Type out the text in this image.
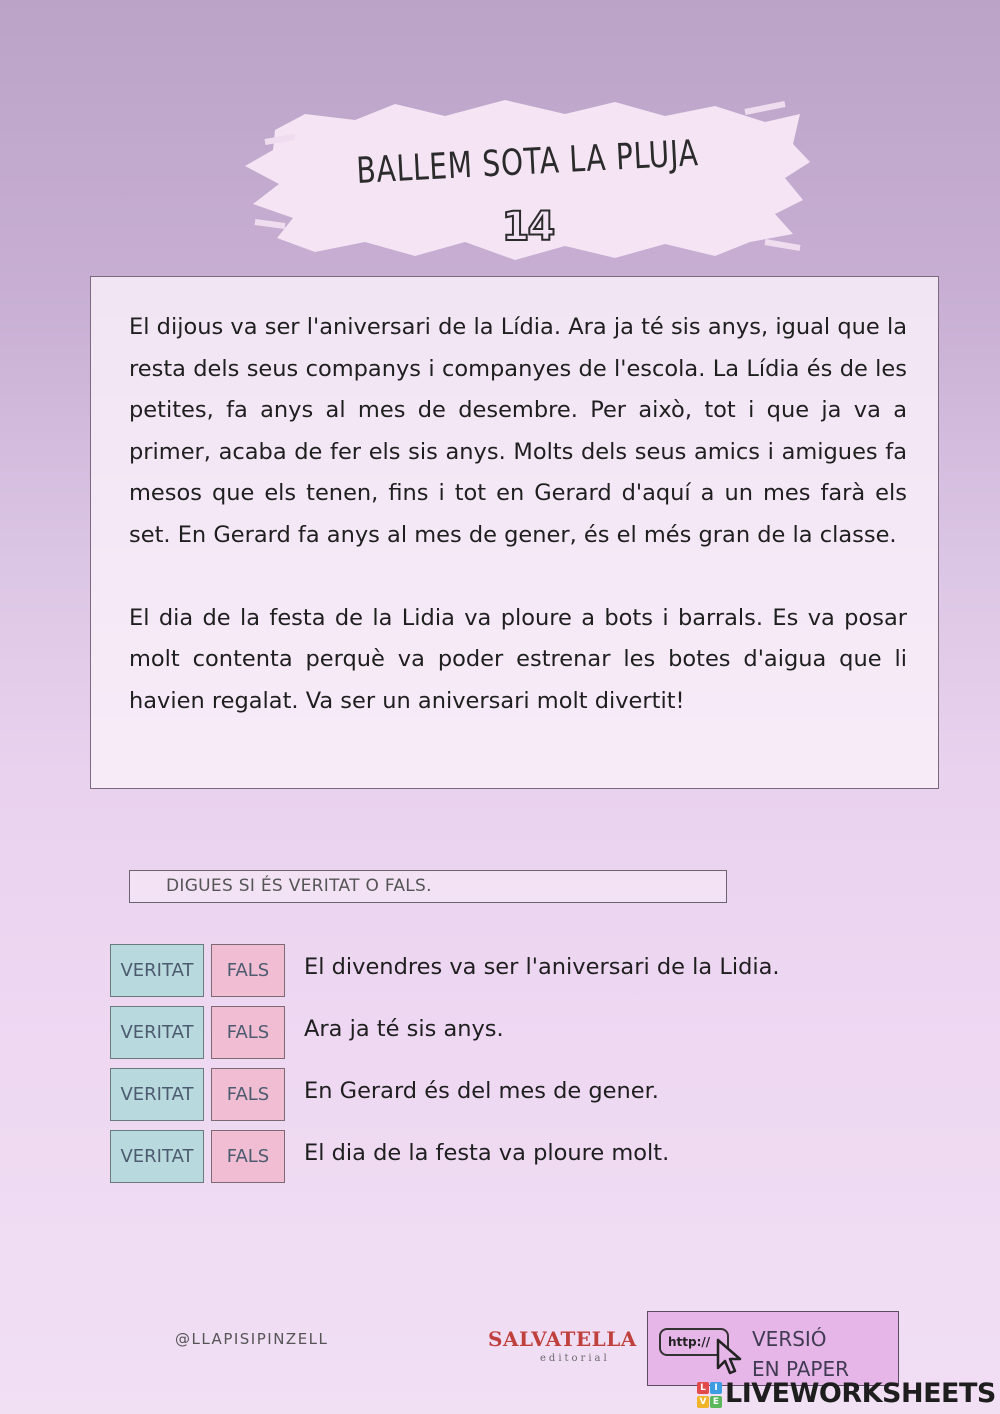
BALLEM SOTA LA PLUJA
14

El dijous va ser l'aniversari de la Lídia. Ara ja té sis anys, igual que la resta dels seus companys i companyes de l'escola. La Lídia és de les petites, fa anys al mes de desembre. Per això, tot i que ja va a primer, acaba de fer els sis anys. Molts dels seus amics i amigues fa mesos que els tenen, fins i tot en Gerard d'aquí a un mes farà els set. En Gerard fa anys al mes de gener, és el més gran de la classe.

El dia de la festa de la Lidia va ploure a bots i barrals. Es va posar molt contenta perquè va poder estrenar les botes d'aigua que li havien regalat. Va ser un aniversari molt divertit!

DIGUES SI ÉS VERITAT O FALS.
VERITAT	FALS	El divendres va ser l'aniversari de la Lidia.
VERITAT	FALS	Ara ja té sis anys.
VERITAT	FALS	En Gerard és del mes de gener.
VERITAT	FALS	El dia de la festa va ploure molt.
@LLAPISIPINZELL	SALVATELLA
editorial
http://	VERSIÓ
EN PAPER
L I
V E LIVEWORKSHEETS
